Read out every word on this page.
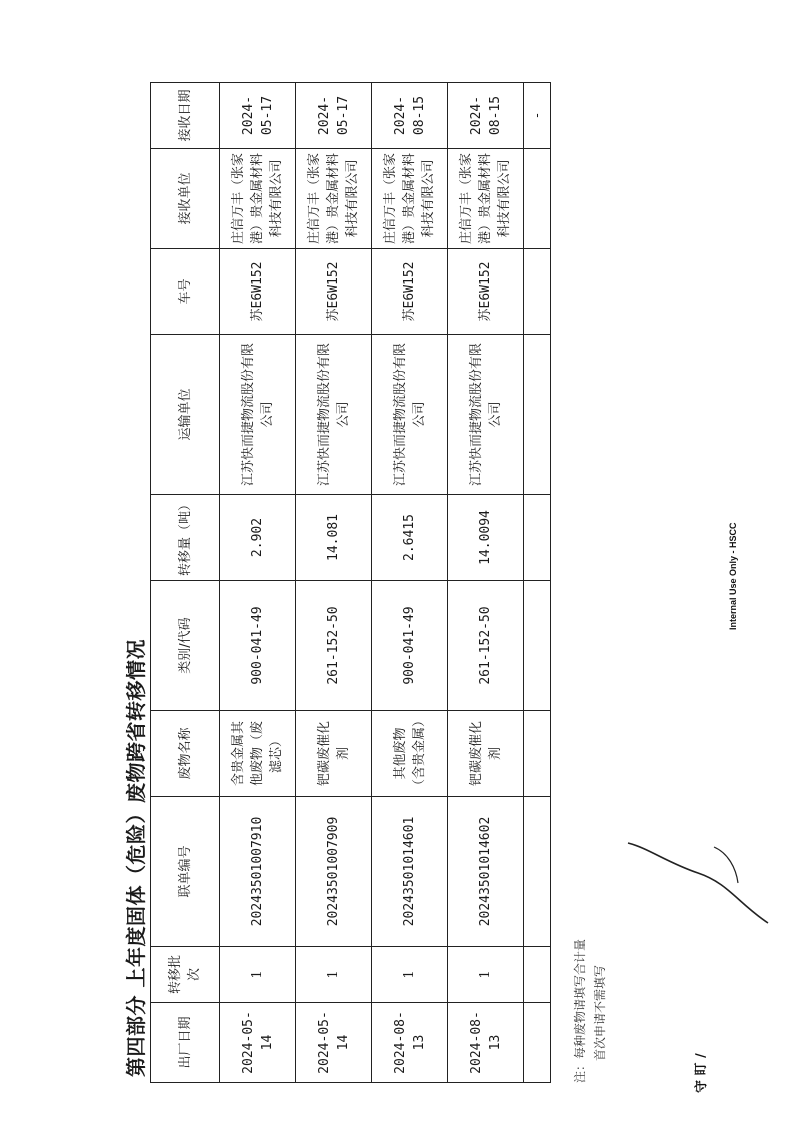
第四部分 上年度固体（危险）废物跨省转移情况 出厂日期	转移批次	联单编号	废物名称	类别/代码	转移量（吨）	运输单位	车号	接收单位	接收日期
2024-05-14	1	20243501007910	含贵金属其他废物（废滤芯）	900-041-49	2.902	江苏快而捷物流股份有限公司	苏E6W152	庄信万丰（张家港）贵金属材料科技有限公司	2024-05-17
2024-05-14	1	20243501007909	钯碳废催化剂	261-152-50	14.081	江苏快而捷物流股份有限公司	苏E6W152	庄信万丰（张家港）贵金属材料科技有限公司	2024-05-17
2024-08-13	1	20243501014601	其他废物（含贵金属）	900-041-49	2.6415	江苏快而捷物流股份有限公司	苏E6W152	庄信万丰（张家港）贵金属材料科技有限公司	2024-08-15
2024-08-13	1	20243501014602	钯碳废催化剂	261-152-50	14.0094	江苏快而捷物流股份有限公司	苏E6W152	庄信万丰（张家港）贵金属材料科技有限公司	2024-08-15
									-
注：每种废物请填写合计量 首次申请不需填写
守 盯 /
Internal Use Only - HSCC
